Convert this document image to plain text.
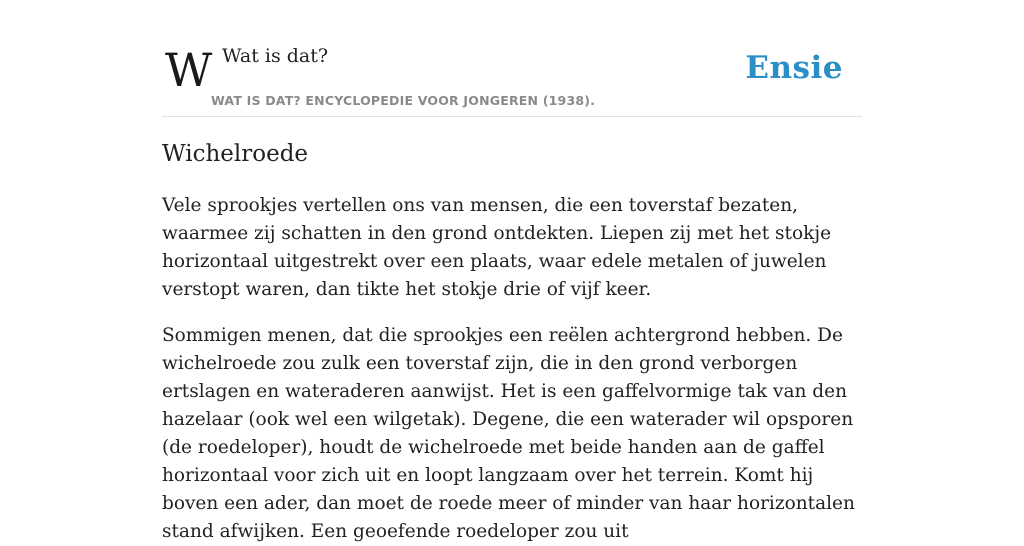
W Wat is dat?
WAT IS DAT? ENCYCLOPEDIE VOOR JONGEREN (1938).
Ensie
Wichelroede

Vele sprookjes vertellen ons van mensen, die een toverstaf bezaten, waarmee zij schatten in den grond ontdekten. Liepen zij met het stokje horizontaal uitgestrekt over een plaats, waar edele metalen of juwelen verstopt waren, dan tikte het stokje drie of vijf keer.

Sommigen menen, dat die sprookjes een reëlen achtergrond hebben. De wichelroede zou zulk een toverstaf zijn, die in den grond verborgen ertslagen en wateraderen aanwijst. Het is een gaffelvormige tak van den hazelaar (ook wel een wilgetak). Degene, die een waterader wil opsporen (de roedeloper), houdt de wichelroede met beide handen aan de gaffel horizontaal voor zich uit en loopt langzaam over het terrein. Komt hij boven een ader, dan moet de roede meer of minder van haar horizontalen stand afwijken. Een geoefende roedeloper zou uit
